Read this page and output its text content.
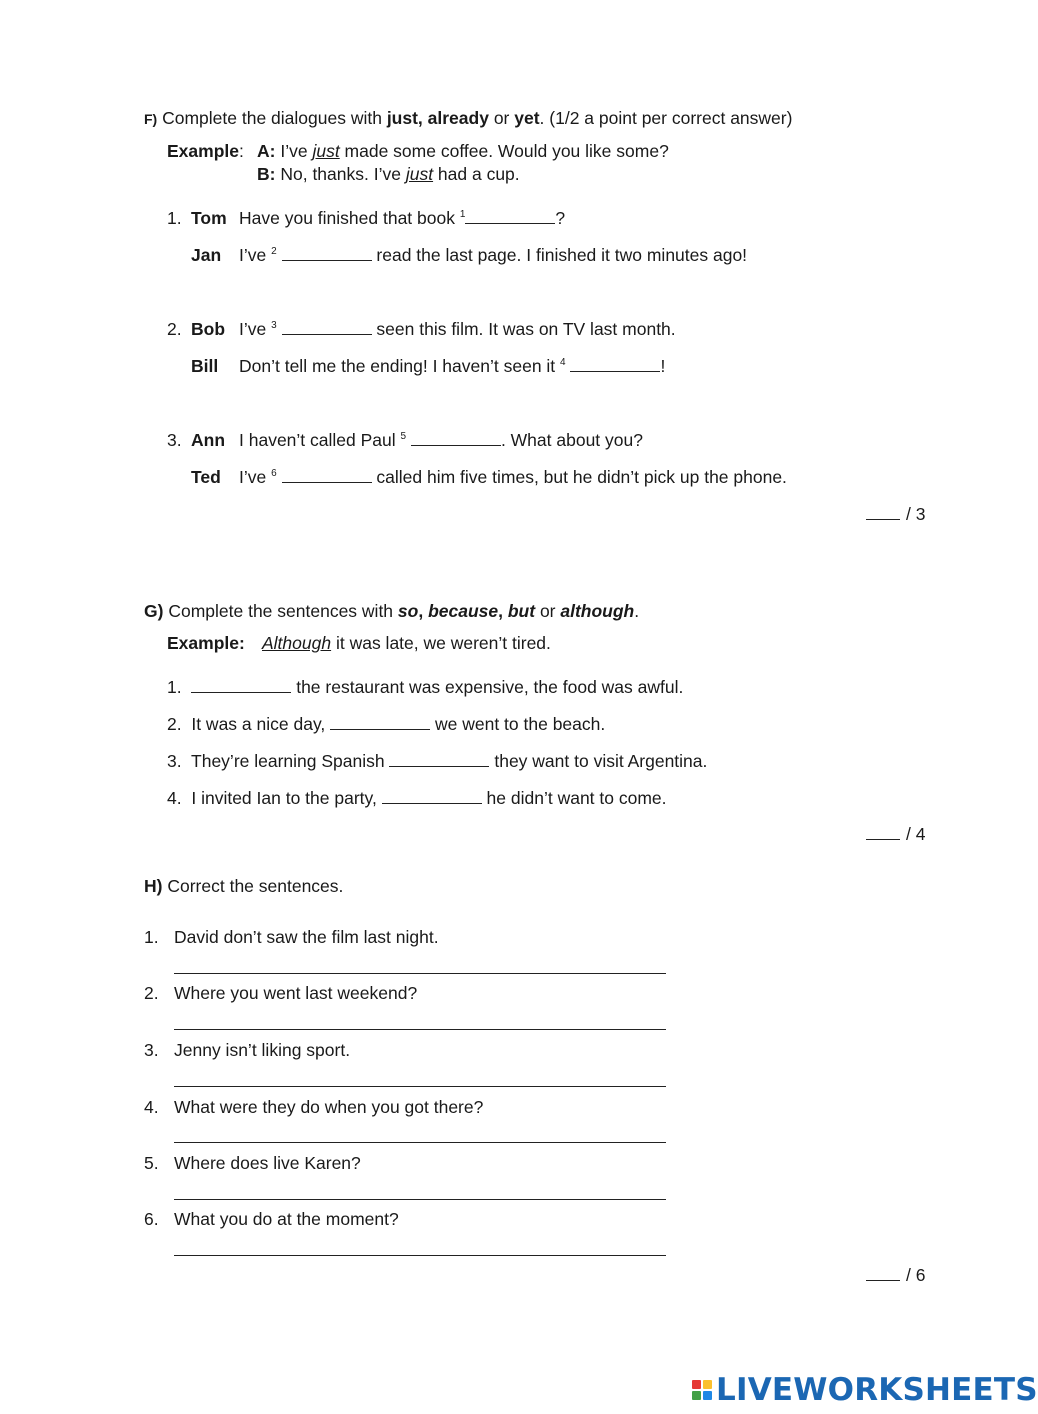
F) Complete the dialogues with just, already or yet. (1/2 a point per correct answer)
Example: A: I’ve just made some coffee. Would you like some?
B: No, thanks. I’ve just had a cup.
1. Tom Have you finished that book $^1$	?
Jan I’ve $^2$	read the last page. I finished it two minutes ago!
2. Bob I’ve $^3$	seen this film. It was on TV last month.
Bill Don’t tell me the ending! I haven’t seen it $^4$	!
3. Ann I haven’t called Paul $^5$	. What about you?
Ted I’ve $^6$	called him five times, but he didn’t pick up the phone.
/ 3
G) Complete the sentences with so, because, but or although.
Example: Although it was late, we weren’t tired.
1.	the restaurant was expensive, the food was awful.
2. It was a nice day,	we went to the beach.
3. They’re learning Spanish	they want to visit Argentina.
4. I invited Ian to the party,	he didn’t want to come.
/ 4
H) Correct the sentences.
1. David don’t saw the film last night.
2. Where you went last weekend?
3. Jenny isn’t liking sport.
4. What were they do when you got there?
5. Where does live Karen?
6. What you do at the moment?
/ 6
LIVEWORKSHEETS
